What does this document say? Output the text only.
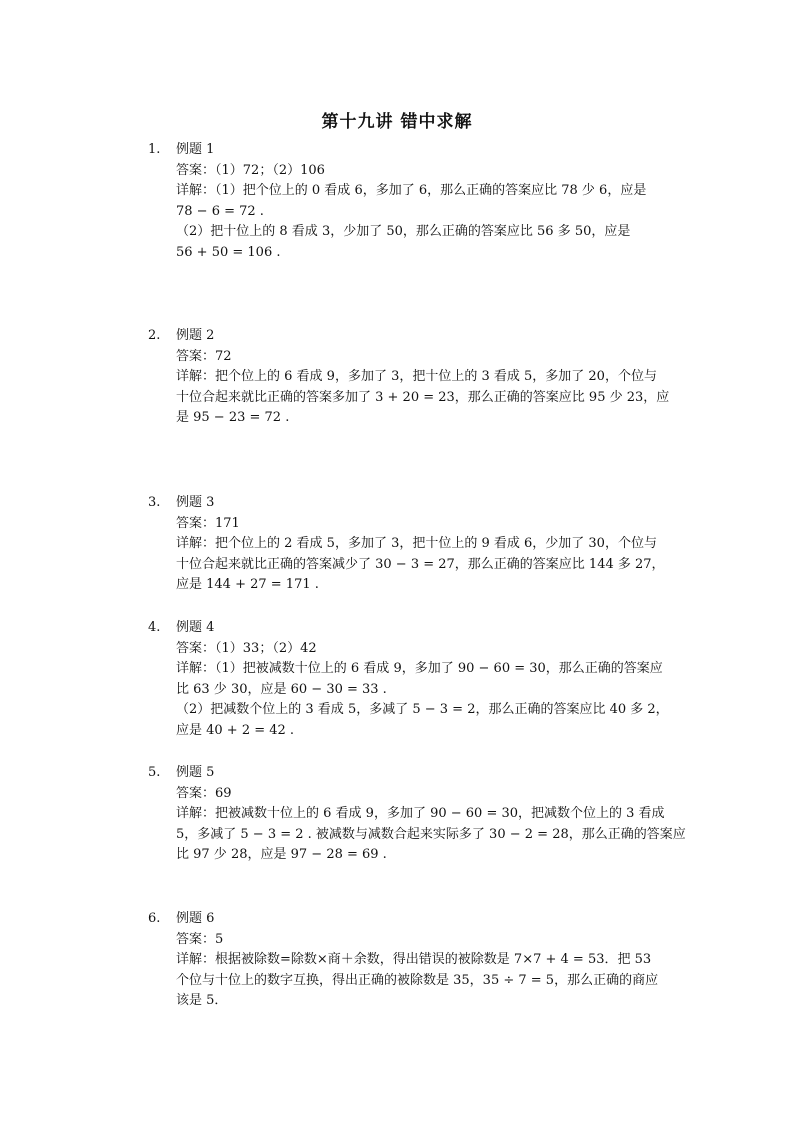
第十九讲 错中求解
1. 例题 1
答案：（1）72；（2）106
详解：（1）把个位上的 0 看成 6，多加了 6，那么正确的答案应比 78 少 6，应是
78 − 6 = 72 .
（2）把十位上的 8 看成 3，少加了 50，那么正确的答案应比 56 多 50，应是
56 + 50 = 106 .
2. 例题 2
答案：72
详解：把个位上的 6 看成 9，多加了 3，把十位上的 3 看成 5，多加了 20，个位与
十位合起来就比正确的答案多加了 3 + 20 = 23，那么正确的答案应比 95 少 23，应
是 95 − 23 = 72 .
3. 例题 3
答案：171
详解：把个位上的 2 看成 5，多加了 3，把十位上的 9 看成 6，少加了 30，个位与
十位合起来就比正确的答案减少了 30 − 3 = 27，那么正确的答案应比 144 多 27，
应是 144 + 27 = 171 .
4. 例题 4
答案：（1）33；（2）42
详解：（1）把被减数十位上的 6 看成 9，多加了 90 − 60 = 30，那么正确的答案应
比 63 少 30，应是 60 − 30 = 33 .
（2）把减数个位上的 3 看成 5，多减了 5 − 3 = 2，那么正确的答案应比 40 多 2，
应是 40 + 2 = 42 .
5. 例题 5
答案：69
详解：把被减数十位上的 6 看成 9，多加了 90 − 60 = 30，把减数个位上的 3 看成
5，多减了 5 − 3 = 2 . 被减数与减数合起来实际多了 30 − 2 = 28，那么正确的答案应
比 97 少 28，应是 97 − 28 = 69 .
6. 例题 6
答案：5
详解：根据被除数=除数×商＋余数，得出错误的被除数是 7×7 + 4 = 53．把 53
个位与十位上的数字互换，得出正确的被除数是 35，35 ÷ 7 = 5，那么正确的商应
该是 5．
